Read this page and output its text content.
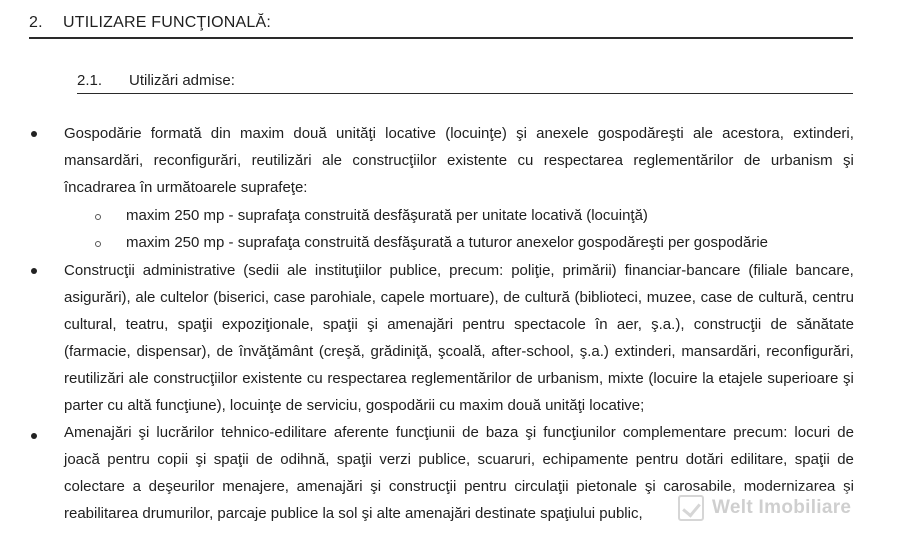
2.	UTILIZARE FUNCŢIONALĂ:
2.1.	Utilizări admise:
Gospodărie formată din maxim două unităţi locative (locuinţe) şi anexele gospodăreşti ale acestora, extinderi,
mansardări, reconfigurări, reutilizări ale construcţiilor existente cu respectarea reglementărilor de urbanism şi
încadrarea în următoarele suprafeţe:
maxim 250 mp - suprafaţa construită desfăşurată per unitate locativă (locuinţă)
maxim 250 mp - suprafaţa construită desfăşurată a tuturor anexelor gospodăreşti per gospodărie
Construcţii administrative (sedii ale instituţiilor publice, precum: poliţie, primării) financiar-bancare (filiale bancare,
asigurări), ale cultelor (biserici, case parohiale, capele mortuare), de cultură (biblioteci, muzee, case de cultură, centru
cultural, teatru, spaţii expoziţionale, spaţii şi amenajări pentru spectacole în aer, ş.a.), construcţii de sănătate
(farmacie, dispensar), de învăţământ (creşă, grădiniţă, şcoală, after-school, ş.a.) extinderi, mansardări, reconfigurări,
reutilizări ale construcţiilor existente cu respectarea reglementărilor de urbanism, mixte (locuire la etajele superioare şi
parter cu altă funcţiune), locuinţe de serviciu, gospodării cu maxim două unităţi locative;
Amenajări şi lucrărilor tehnico-edilitare aferente funcţiunii de baza şi funcţiunilor complementare precum: locuri de
joacă pentru copii şi spaţii de odihnă, spaţii verzi publice, scuaruri, echipamente pentru dotări edilitare, spaţii de
colectare a deşeurilor menajere, amenajări şi construcţii pentru circulaţii pietonale şi carosabile, modernizarea şi
reabilitarea drumurilor, parcaje publice la sol şi alte amenajări destinate spaţiului public,	Welt Imobiliare
